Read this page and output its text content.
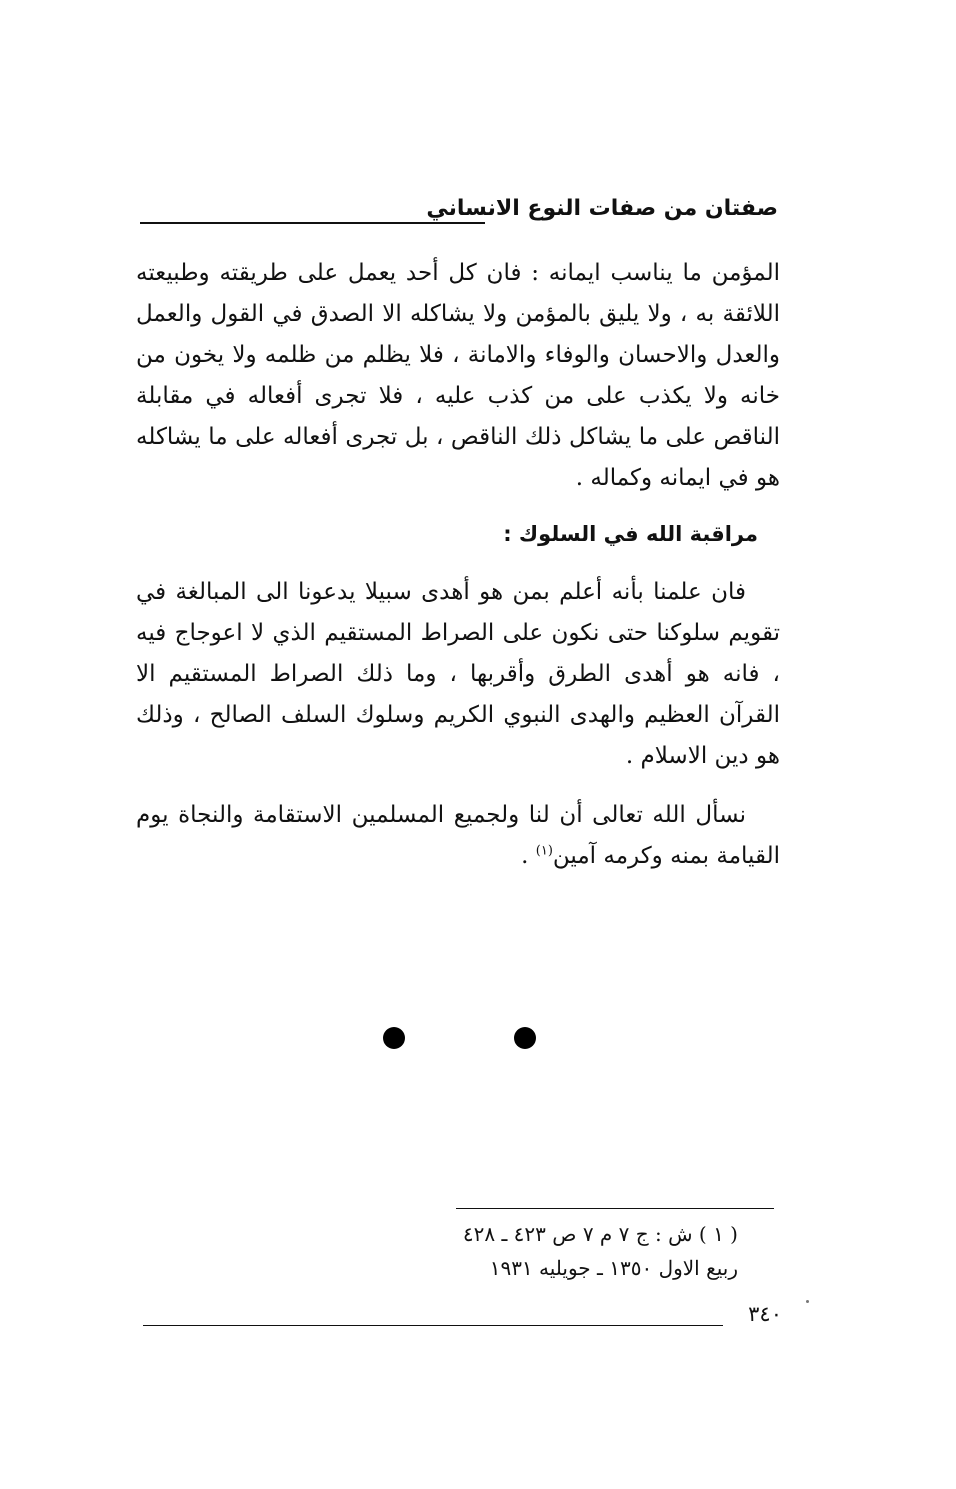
صفتان من صفات النوع الانساني
المؤمن ما يناسب ايمانه : فان كل أحد يعمل على طريقته وطبيعته اللائقة به ، ولا يليق بالمؤمن ولا يشاكله الا الصدق في القول والعمل والعدل والاحسان والوفاء والامانة ، فلا يظلم من ظلمه ولا يخون من خانه ولا يكذب على من كذب عليه ، فلا تجرى أفعاله في مقابلة الناقص على ما يشاكل ذلك الناقص ، بل تجرى أفعاله على ما يشاكله هو في ايمانه وكماله .
مراقبة الله في السلوك :
فان علمنا بأنه أعلم بمن هو أهدى سبيلا يدعونا الى المبالغة في تقويم سلوكنا حتى نكون على الصراط المستقيم الذي لا اعوجاج فيه ، فانه هو أهدى الطرق وأقربها ، وما ذلك الصراط المستقيم الا القرآن العظيم والهدى النبوي الكريم وسلوك السلف الصالح ، وذلك هو دين الاسلام .
نسأل الله تعالى أن لنا ولجميع المسلمين الاستقامة والنجاة يوم القيامة بمنه وكرمه آمين$^{(١)}$ .
( ١ ) ش : ج ٧ م ٧ ص ٤٢٣ ـ ٤٢٨
ربيع الاول ١٣٥٠ ـ جويليه ١٩٣١
٣٤٠
